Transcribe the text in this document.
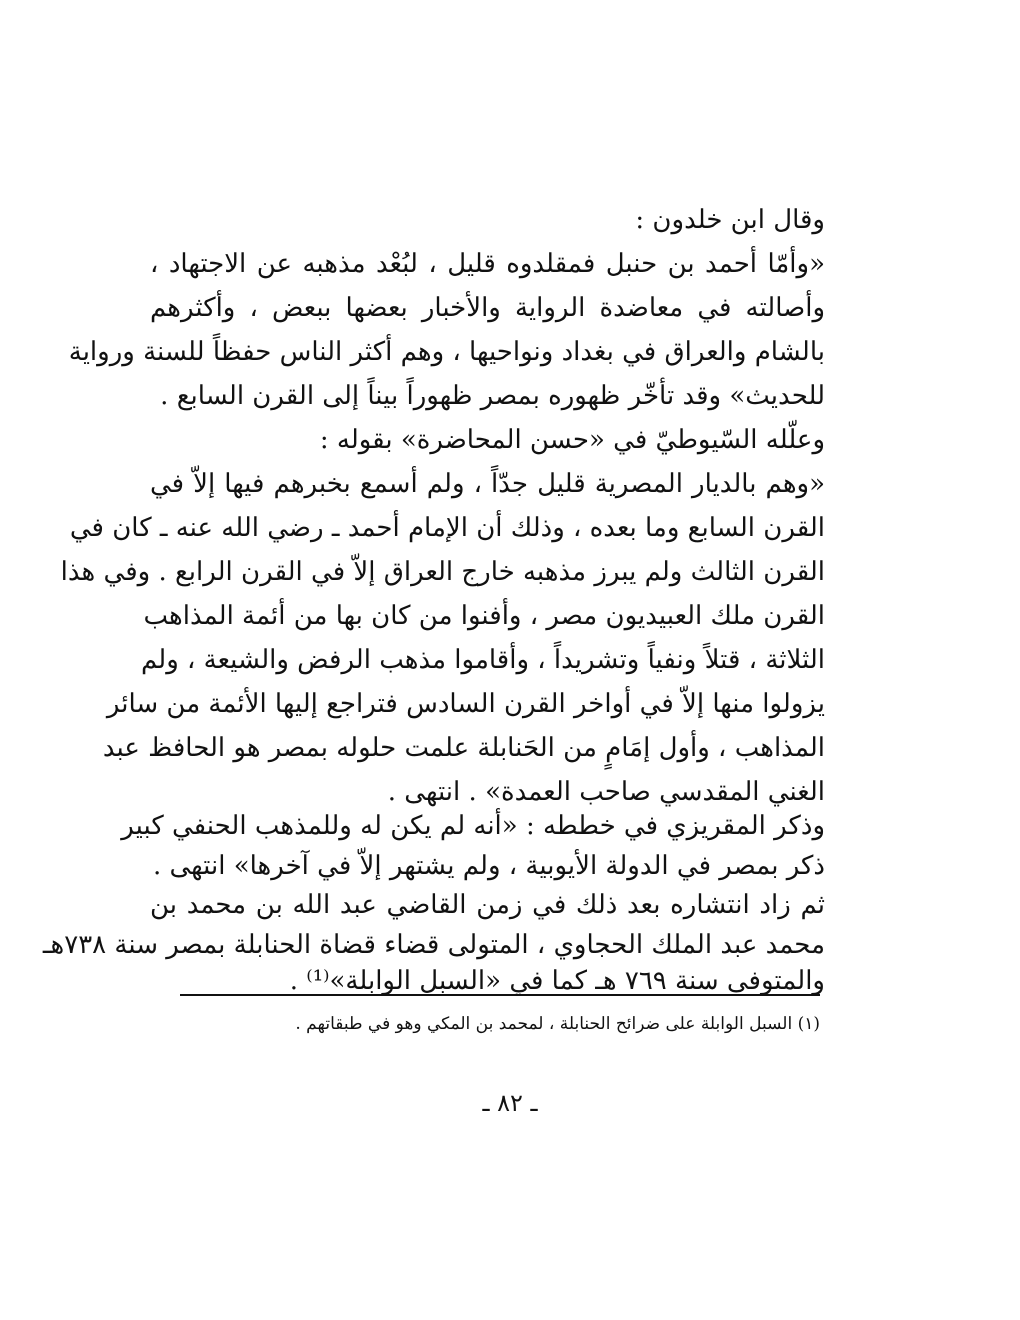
وقال ابن خلدون :
«وأمّا أحمد بن حنبل فمقلدوه قليل ، لبُعْد مذهبه عن الاجتهاد ،
وأصالته في معاضدة الرواية والأخبار بعضها ببعض ، وأكثرهم
بالشام والعراق في بغداد ونواحيها ، وهم أكثر الناس حفظاً للسنة ورواية
للحديث» وقد تأخّر ظهوره بمصر ظهوراً بيناً إلى القرن السابع .
وعلّله السّيوطيّ في «حسن المحاضرة» بقوله :
«وهم بالديار المصرية قليل جدّاً ، ولم أسمع بخبرهم فيها إلاّ في
القرن السابع وما بعده ، وذلك أن الإمام أحمد ـ رضي الله عنه ـ كان في
القرن الثالث ولم يبرز مذهبه خارج العراق إلاّ في القرن الرابع . وفي هذا
القرن ملك العبيديون مصر ، وأفنوا من كان بها من أئمة المذاهب
الثلاثة ، قتلاً ونفياً وتشريداً ، وأقاموا مذهب الرفض والشيعة ، ولم
يزولوا منها إلاّ في أواخر القرن السادس فتراجع إليها الأئمة من سائر
المذاهب ، وأول إمَامٍ من الحَنابلة علمت حلوله بمصر هو الحافظ عبد
الغني المقدسي صاحب العمدة» . انتهى .
وذكر المقريزي في خططه : «أنه لم يكن له وللمذهب الحنفي كبير
ذكر بمصر في الدولة الأيوبية ، ولم يشتهر إلاّ في آخرها» انتهى .
ثم زاد انتشاره بعد ذلك في زمن القاضي عبد الله بن محمد بن
محمد عبد الملك الحجاوي ، المتولى قضاء قضاة الحنابلة بمصر سنة ٧٣٨هـ
والمتوفى سنة ٧٦٩ هـ كما في «السبل الوابلة»⁽¹⁾ .
(١) السبل الوابلة على ضرائح الحنابلة ، لمحمد بن المكي وهو في طبقاتهم .
ـ ٨٢ ـ
